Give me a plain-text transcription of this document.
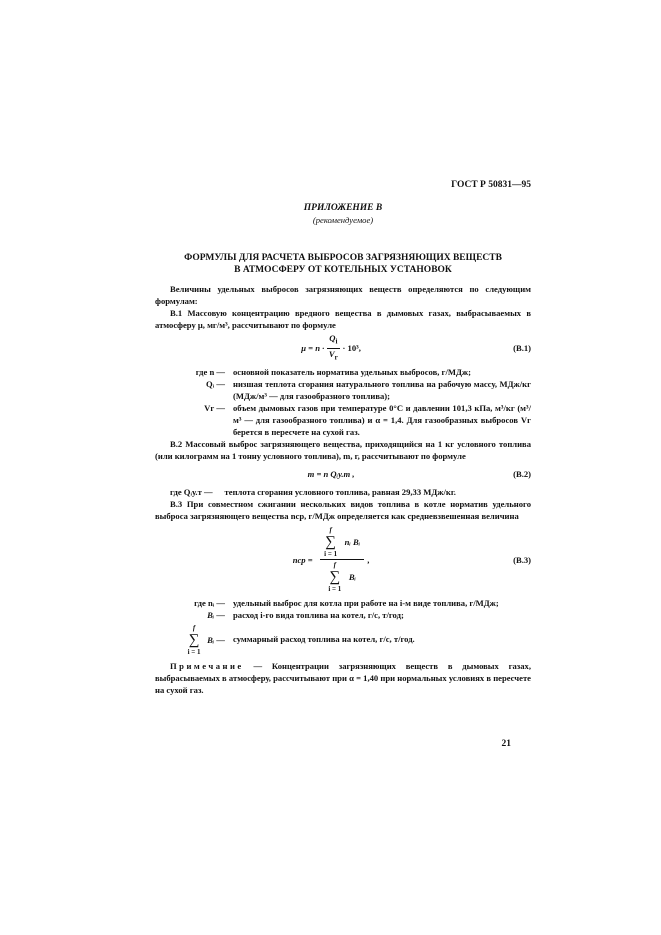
ГОСТ Р 50831—95
ПРИЛОЖЕНИЕ В
(рекомендуемое)
ФОРМУЛЫ ДЛЯ РАСЧЕТА ВЫБРОСОВ ЗАГРЯЗНЯЮЩИХ ВЕЩЕСТВ
В АТМОСФЕРУ ОТ КОТЕЛЬНЫХ УСТАНОВОК

Величины удельных выбросов загрязняющих веществ определяются по следующим формулам:

В.1 Массовую концентрацию вредного вещества в дымовых газах, выбрасываемых в атмосферу μ, мг/м³, рассчитывают по формуле

$\mu = n \cdot \frac{Q_i}{V_г} \cdot 10^3$,	(В.1)
где n —	основной показатель норматива удельных выбросов, г/МДж;
Qᵢ —	низшая теплота сгорания натурального топлива на рабочую массу, МДж/кг (МДж/м³ — для газообразного топлива);
Vг —	объем дымовых газов при температуре 0°С и давлении 101,3 кПа, м³/кг (м³/м³ — для газообразного топлива) и α = 1,4. Для газообразных выбросов Vг берется в пересчете на сухой газ.

В.2 Массовый выброс загрязняющего вещества, приходящийся на 1 кг условного топлива (или килограмм на 1 тонну условного топлива), m, г, рассчитывают по формуле

m = n Qᵢу.т ,	(В.2)
где Qᵢу.т —	теплота сгорания условного топлива, равная 29,33 МДж/кг.

В.3 При совместном сжигании нескольких видов топлива в котле норматив удельного выброса загрязняющего вещества nср, г/МДж определяется как средневзвешенная величина

nср = f
∑
i = 1
nᵢ Bᵢ
f
∑
i = 1
Bᵢ ,	(В.3)
где nᵢ —	удельный выброс для котла при работе на i-м виде топлива, г/МДж;
Bᵢ —	расход i-го вида топлива на котел, г/с, т/год;

f
∑
i = 1
Bᵢ —	суммарный расход топлива на котел, г/с, т/год.

Примечание — Концентрации загрязняющих веществ в дымовых газах, выбрасываемых в атмосферу, рассчитывают при α = 1,40 при нормальных условиях в пересчете на сухой газ.

21
